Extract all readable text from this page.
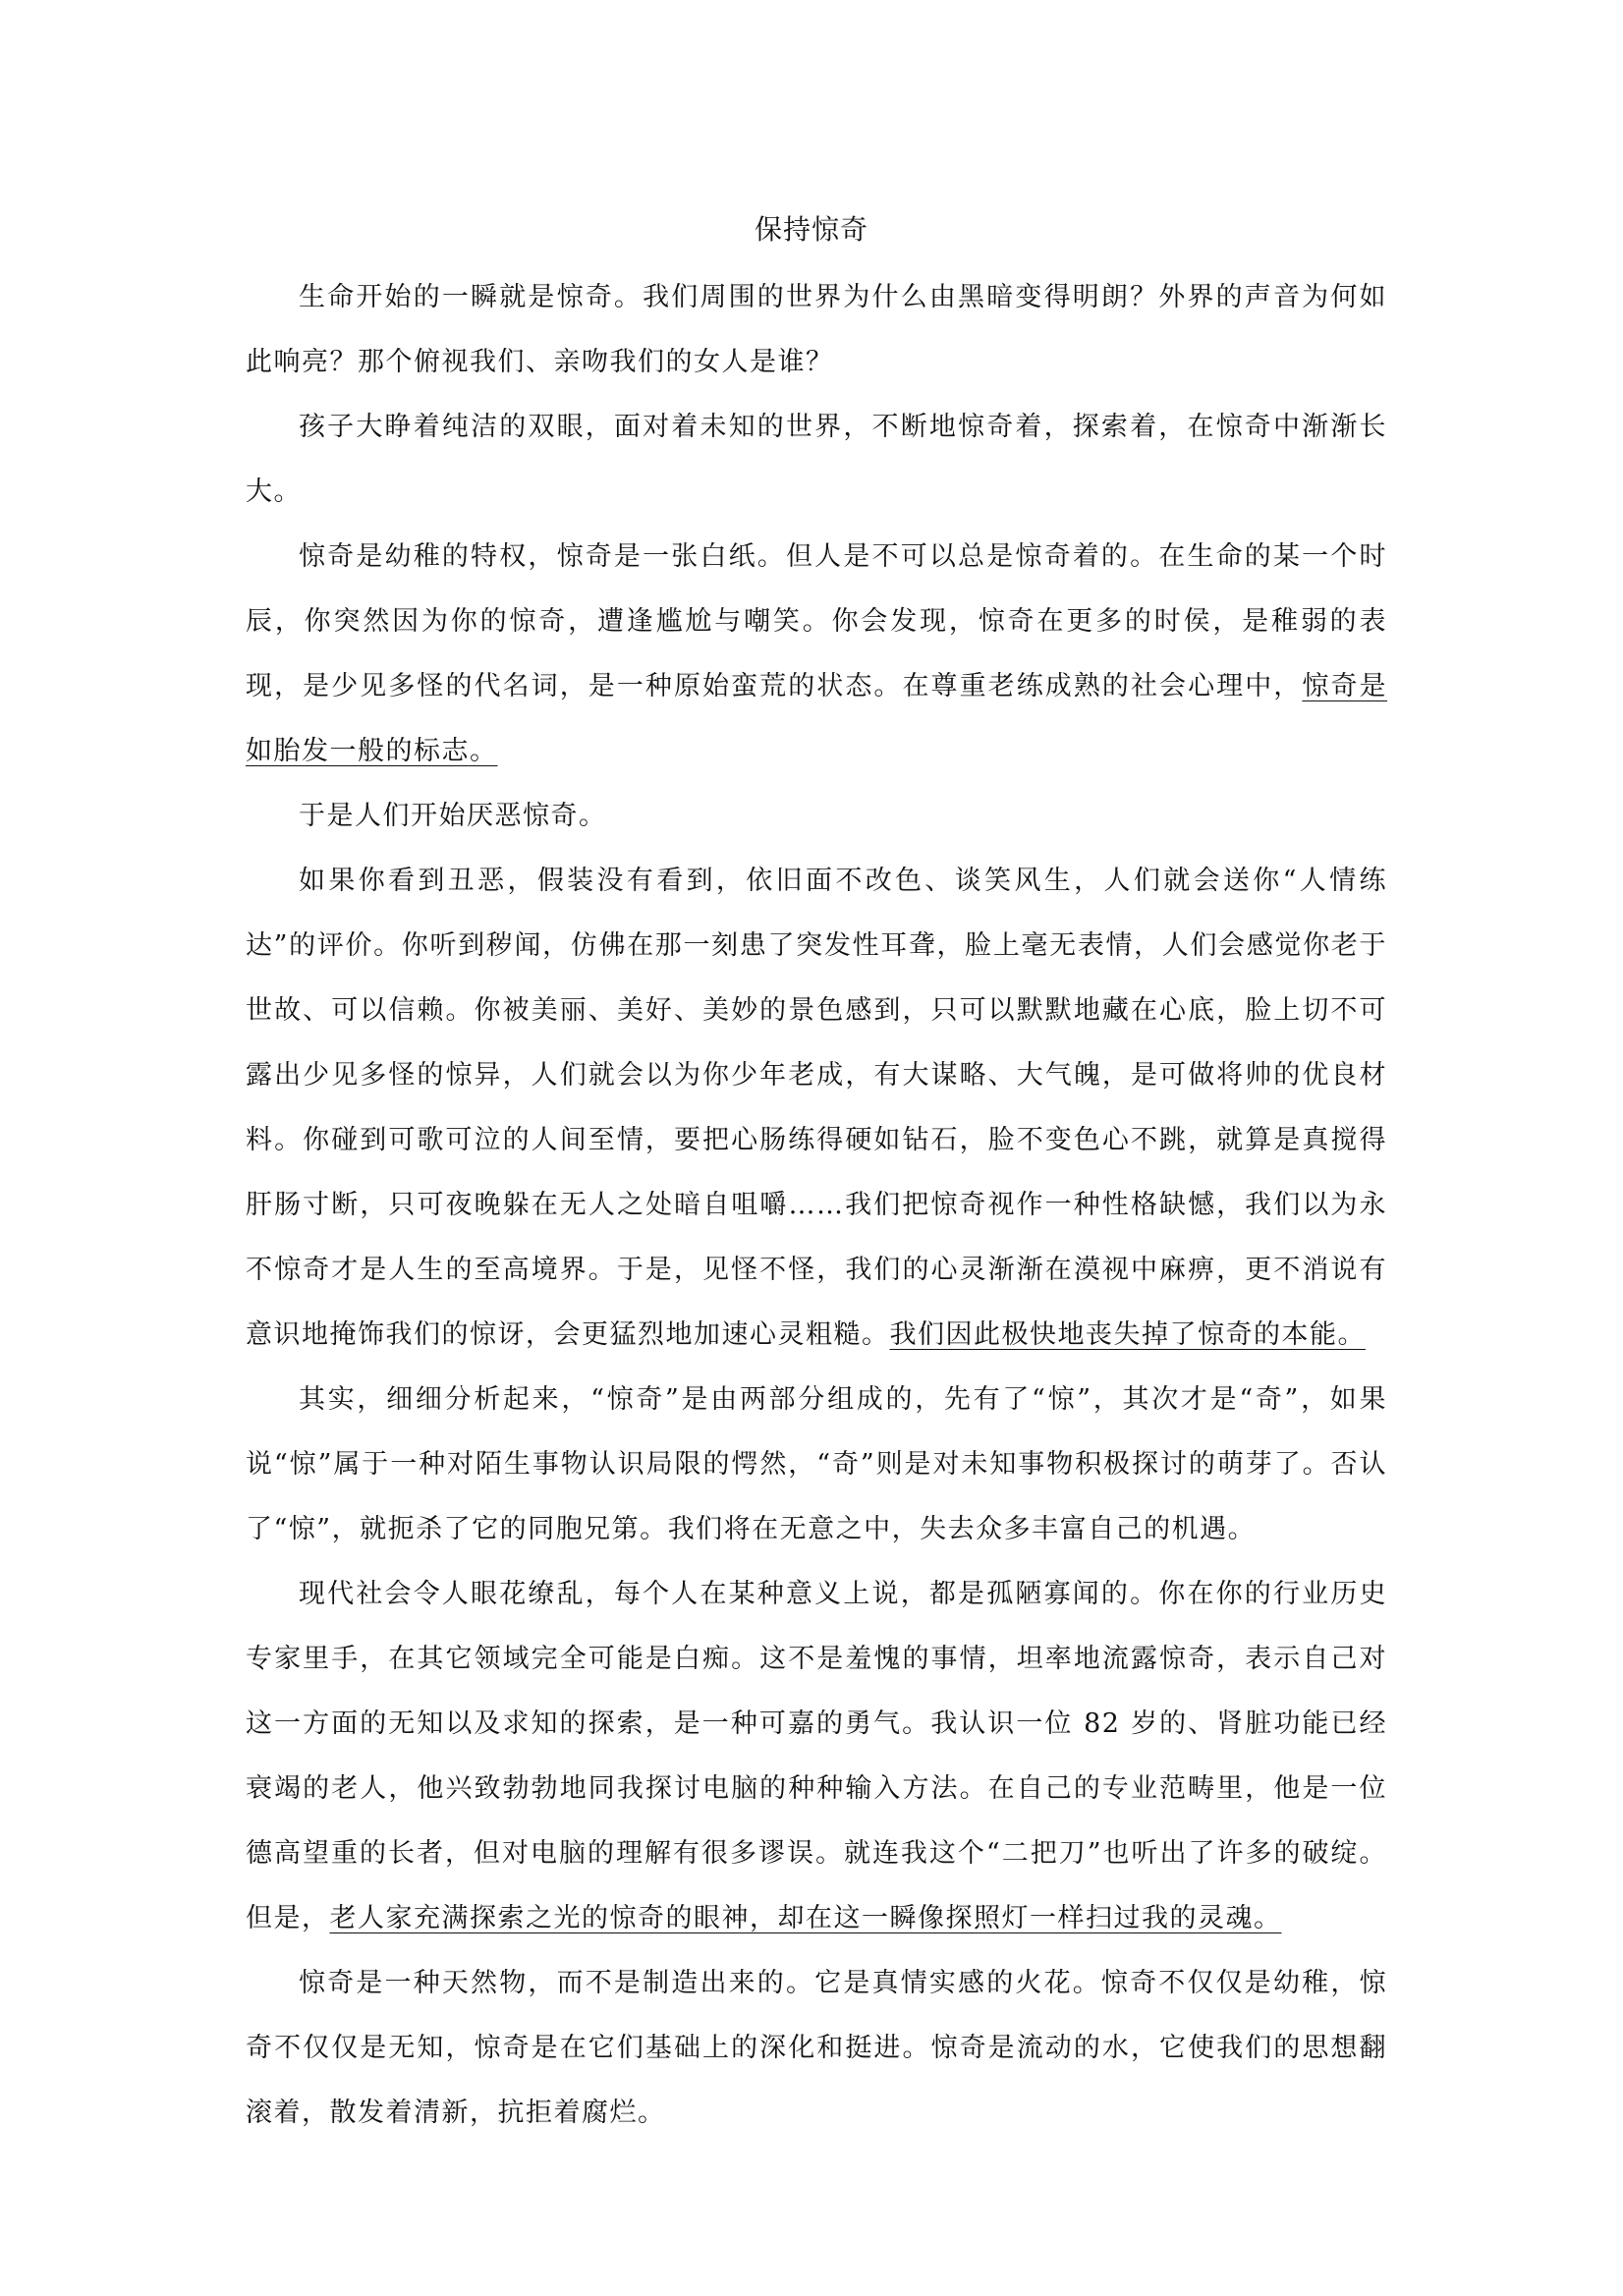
保持惊奇

生命开始的一瞬就是惊奇。我们周围的世界为什么由黑暗变得明朗？外界的声音为何如此响亮？那个俯视我们、亲吻我们的女人是谁？

孩子大睁着纯洁的双眼，面对着未知的世界，不断地惊奇着，探索着，在惊奇中渐渐长大。

惊奇是幼稚的特权，惊奇是一张白纸。但人是不可以总是惊奇着的。在生命的某一个时辰，你突然因为你的惊奇，遭逢尴尬与嘲笑。你会发现，惊奇在更多的时侯，是稚弱的表现，是少见多怪的代名词，是一种原始蛮荒的状态。在尊重老练成熟的社会心理中，惊奇是如胎发一般的标志。

于是人们开始厌恶惊奇。

如果你看到丑恶，假装没有看到，依旧面不改色、谈笑风生，人们就会送你“人情练达”的评价。你听到秽闻，仿佛在那一刻患了突发性耳聋，脸上毫无表情，人们会感觉你老于世故、可以信赖。你被美丽、美好、美妙的景色感到，只可以默默地藏在心底，脸上切不可露出少见多怪的惊异，人们就会以为你少年老成，有大谋略、大气魄，是可做将帅的优良材料。你碰到可歌可泣的人间至情，要把心肠练得硬如钻石，脸不变色心不跳，就算是真搅得肝肠寸断，只可夜晚躲在无人之处暗自咀嚼……我们把惊奇视作一种性格缺憾，我们以为永不惊奇才是人生的至高境界。于是，见怪不怪，我们的心灵渐渐在漠视中麻痹，更不消说有意识地掩饰我们的惊讶，会更猛烈地加速心灵粗糙。我们因此极快地丧失掉了惊奇的本能。

其实，细细分析起来，“惊奇”是由两部分组成的，先有了“惊”，其次才是“奇”，如果说“惊”属于一种对陌生事物认识局限的愕然，“奇”则是对未知事物积极探讨的萌芽了。否认了“惊”，就扼杀了它的同胞兄第。我们将在无意之中，失去众多丰富自己的机遇。

现代社会令人眼花缭乱，每个人在某种意义上说，都是孤陋寡闻的。你在你的行业历史专家里手，在其它领域完全可能是白痴。这不是羞愧的事情，坦率地流露惊奇，表示自己对这一方面的无知以及求知的探索，是一种可嘉的勇气。我认识一位 82 岁的、肾脏功能已经衰竭的老人，他兴致勃勃地同我探讨电脑的种种输入方法。在自己的专业范畴里，他是一位德高望重的长者，但对电脑的理解有很多谬误。就连我这个“二把刀”也听出了许多的破绽。但是，老人家充满探索之光的惊奇的眼神，却在这一瞬像探照灯一样扫过我的灵魂。

惊奇是一种天然物，而不是制造出来的。它是真情实感的火花。惊奇不仅仅是幼稚，惊奇不仅仅是无知，惊奇是在它们基础上的深化和挺进。惊奇是流动的水，它使我们的思想翻滚着，散发着清新，抗拒着腐烂。
